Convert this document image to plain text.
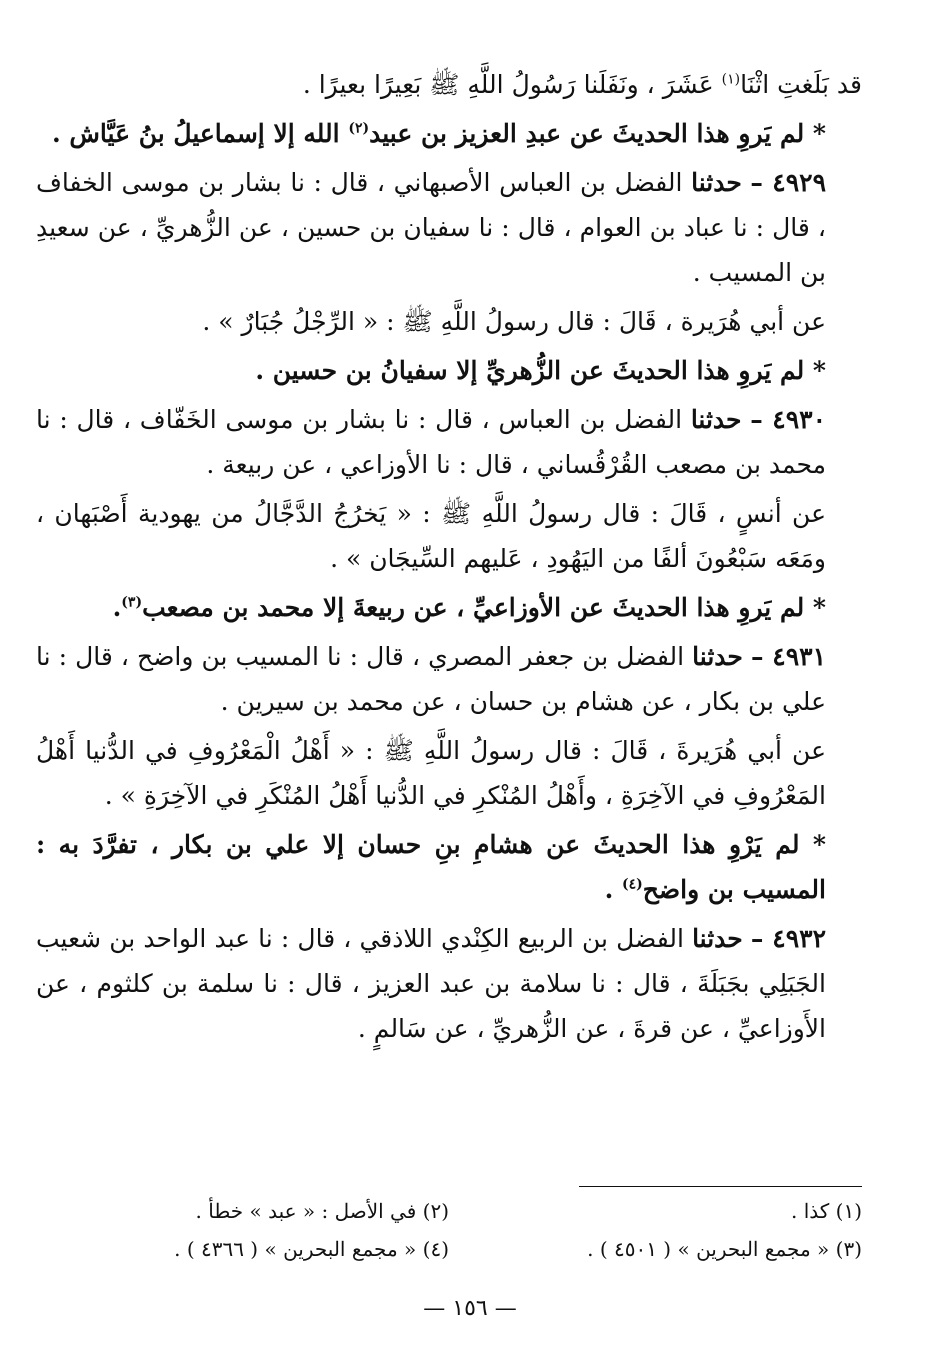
قد بَلَغتِ اثْنَا$^{(١)}$ عَشَرَ ، ونَفَلَنا رَسُولُ اللَّهِ ﷺ بَعِيرًا بعيرًا .

* لم يَروِ هذا الحديثَ عن عبدِ العزيز بن عبيد$^{(٢)}$ الله إلا إسماعيلُ بنُ عَيَّاش .

٤٩٢٩ – حدثنا الفضل بن العباس الأصبهاني ، قال : نا بشار بن موسى الخفاف ، قال : نا عباد بن العوام ، قال : نا سفيان بن حسين ، عن الزُّهريِّ ، عن سعيدِ بن المسيب .

عن أبي هُرَيرة ، قَالَ : قال رسولُ اللَّهِ ﷺ : « الرِّجْلُ جُبَارٌ » .

* لم يَروِ هذا الحديثَ عن الزُّهريِّ إلا سفيانُ بن حسين .

٤٩٣٠ – حدثنا الفضل بن العباس ، قال : نا بشار بن موسى الخَفّاف ، قال : نا محمد بن مصعب القُرْقُساني ، قال : نا الأوزاعي ، عن ربيعة .

عن أنسٍ ، قَالَ : قال رسولُ اللَّهِ ﷺ : « يَخرُجُ الدَّجَّالُ من يهودية أَصْبَهان ، ومَعَه سَبْعُونَ ألفًا من اليَهُودِ ، عَليهم السِّيجَان » .

* لم يَروِ هذا الحديثَ عن الأوزاعيِّ ، عن ربيعةَ إلا محمد بن مصعب$^{(٣)}$.

٤٩٣١ – حدثنا الفضل بن جعفر المصري ، قال : نا المسيب بن واضح ، قال : نا علي بن بكار ، عن هشام بن حسان ، عن محمد بن سيرين .

عن أبي هُرَيرةَ ، قَالَ : قال رسولُ اللَّهِ ﷺ : « أَهْلُ الْمَعْرُوفِ في الدُّنيا أَهْلُ المَعْرُوفِ في الآخِرَةِ ، وأَهْلُ المُنْكرِ في الدُّنيا أَهْلُ المُنْكَرِ في الآخِرَةِ » .

* لم يَرْوِ هذا الحديثَ عن هشامِ بنِ حسان إلا علي بن بكار ، تفرَّدَ به : المسيب بن واضح$^{(٤)}$ .

٤٩٣٢ – حدثنا الفضل بن الربيع الكِنْدي اللاذقي ، قال : نا عبد الواحد بن شعيب الجَبَلِي بجَبَلَةَ ، قال : نا سلامة بن عبد العزيز ، قال : نا سلمة بن كلثوم ، عن الأَوزاعيِّ ، عن قرةَ ، عن الزُّهريِّ ، عن سَالمٍ .

(١) كذا .
(٢) في الأصل : « عبد » خطأ .
(٣) « مجمع البحرين » ( ٤٥٠١ ) .
(٤) « مجمع البحرين » ( ٤٣٦٦ ) .
— ١٥٦ —
